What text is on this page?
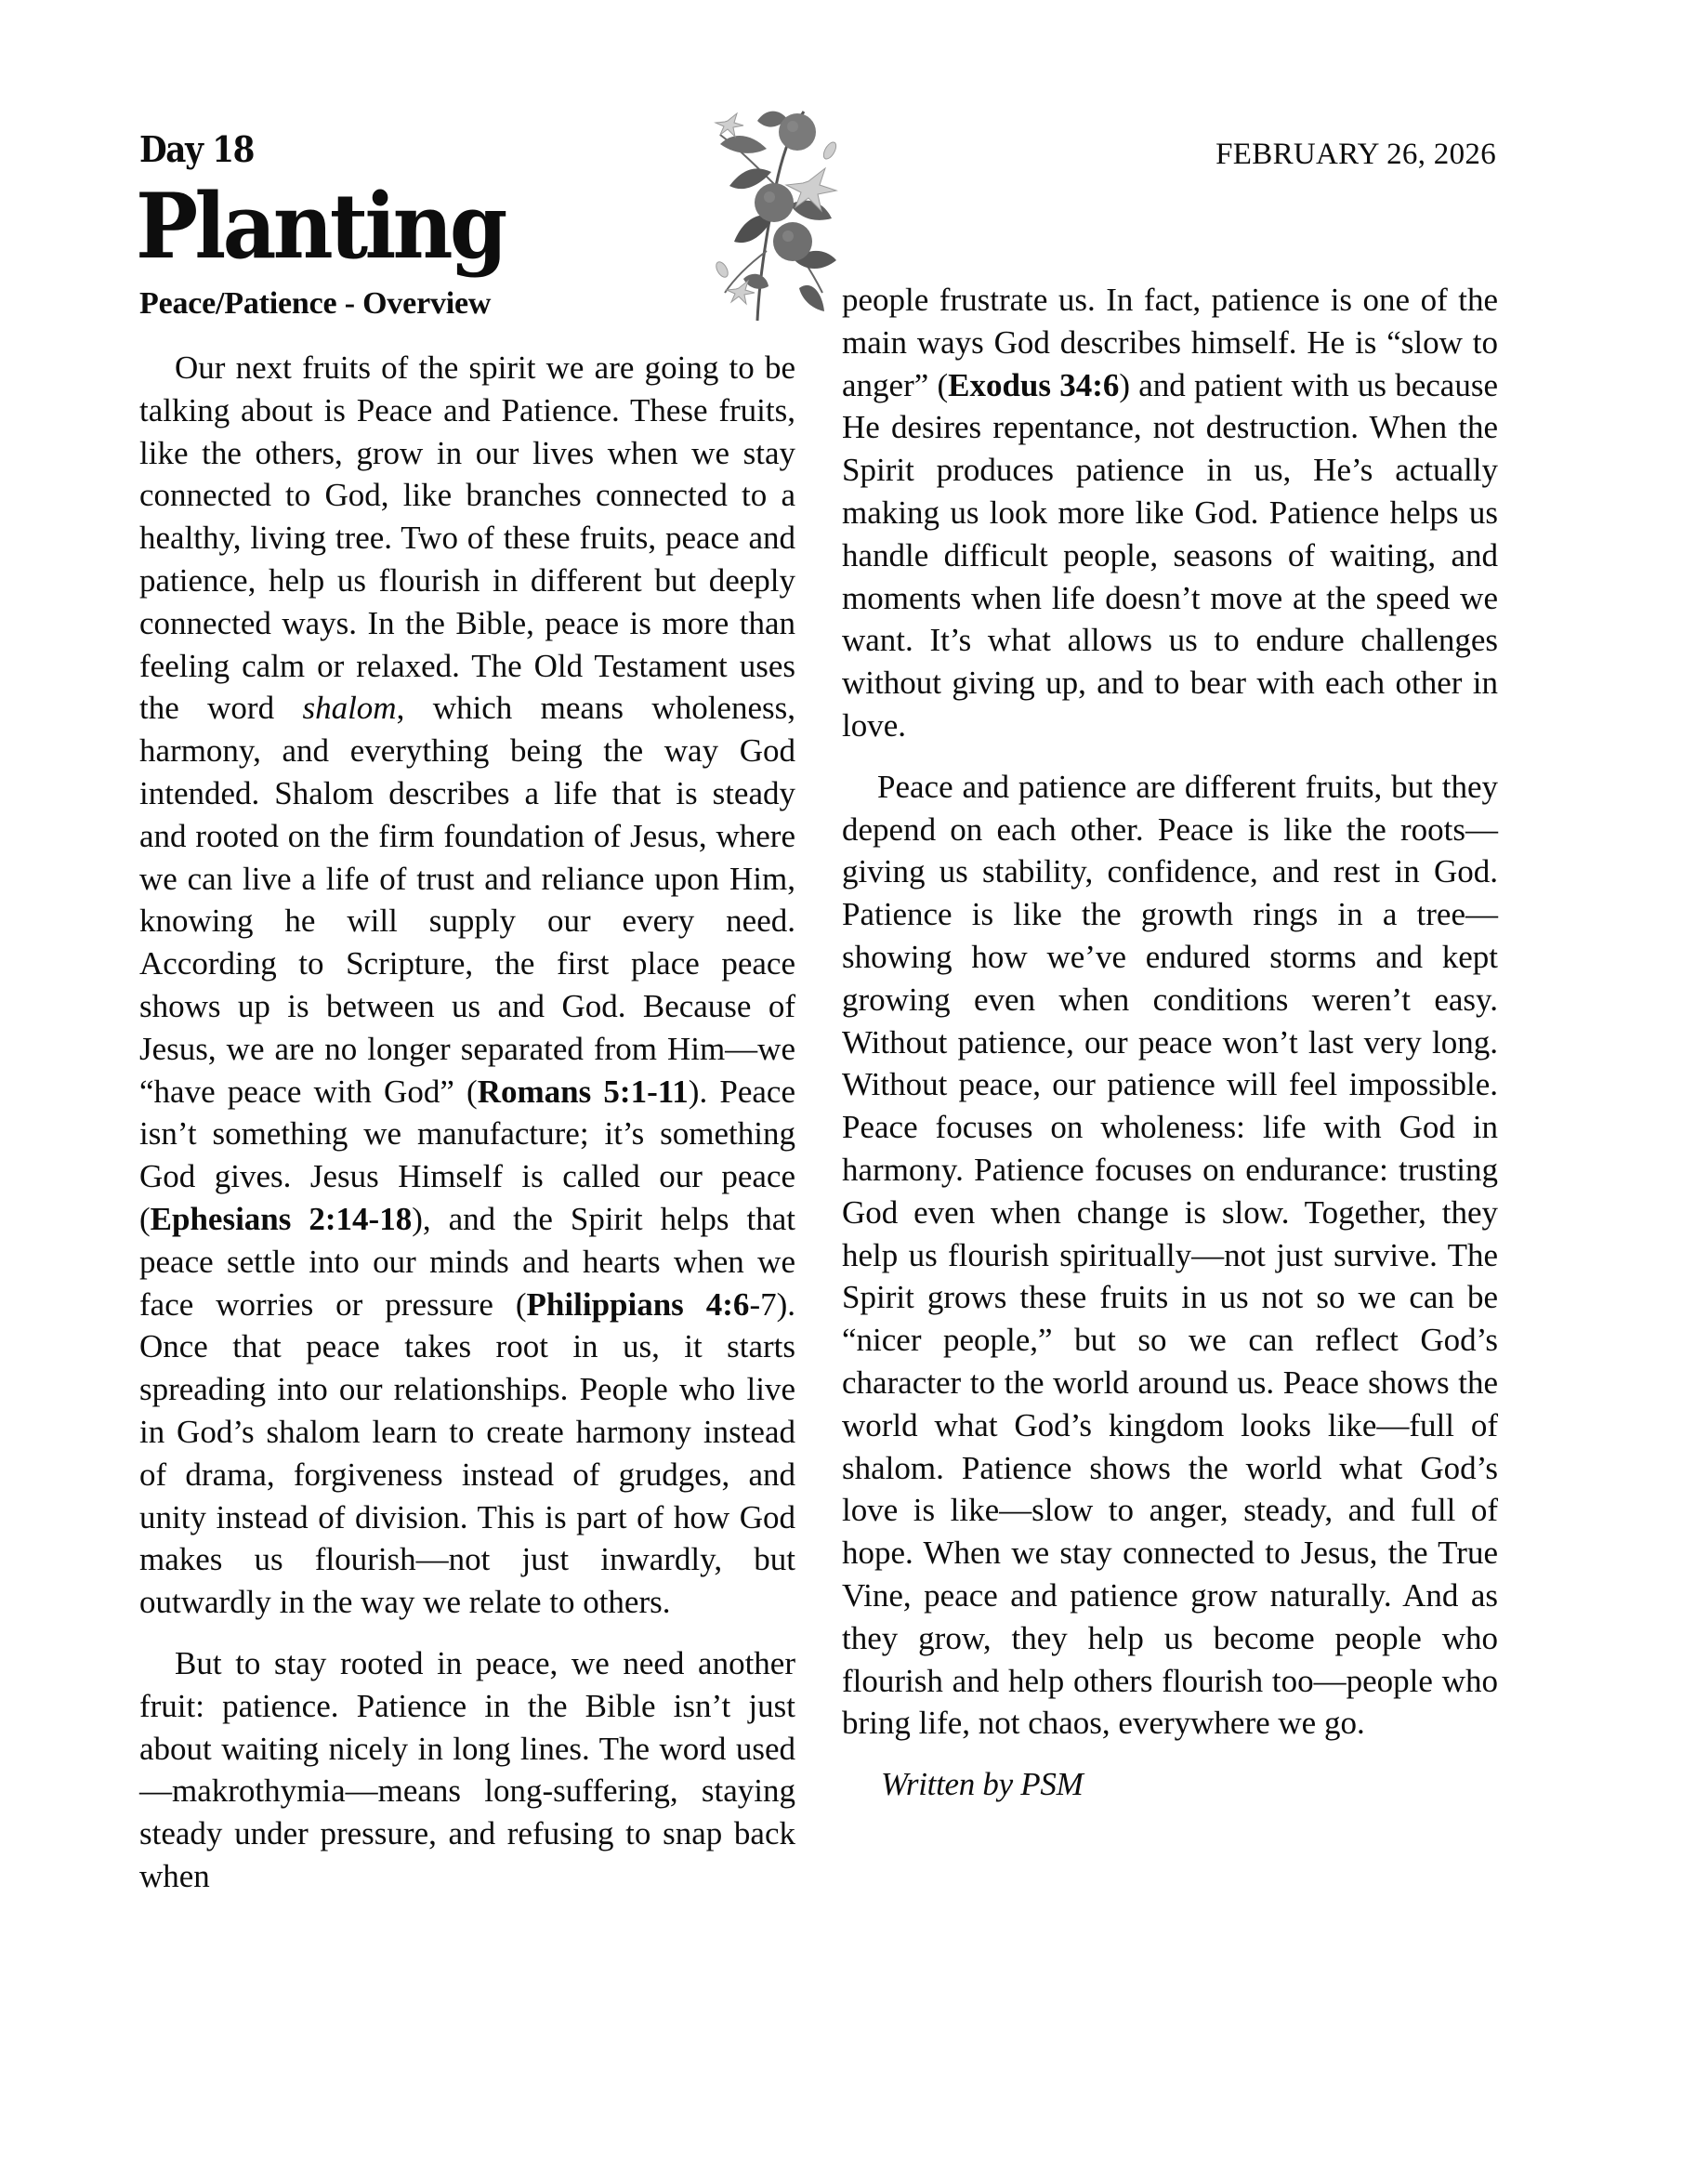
Day 18
Planting
Peace/Patience - Overview
FEBRUARY 26, 2026

Our next fruits of the spirit we are going to be talking about is Peace and Patience. These fruits, like the others, grow in our lives when we stay connected to God, like branches connected to a healthy, living tree. Two of these fruits, peace and patience, help us flourish in different but deeply connected ways. In the Bible, peace is more than feeling calm or relaxed. The Old Testament uses the word shalom, which means wholeness, harmony, and everything being the way God intended. Shalom describes a life that is steady and rooted on the firm foundation of Jesus, where we can live a life of trust and reliance upon Him, knowing he will supply our every need. According to Scripture, the first place peace shows up is between us and God. Because of Jesus, we are no longer separated from Him—we “have peace with God” (Romans 5:1-11). Peace isn’t something we manufacture; it’s something God gives. Jesus Himself is called our peace (Ephesians 2:14-18), and the Spirit helps that peace settle into our minds and hearts when we face worries or pressure (Philippians 4:6-7). Once that peace takes root in us, it starts spreading into our relationships. People who live in God’s shalom learn to create harmony instead of drama, forgiveness instead of grudges, and unity instead of division. This is part of how God makes us flourish—not just inwardly, but outwardly in the way we relate to others.

But to stay rooted in peace, we need another fruit: patience. Patience in the Bible isn’t just about waiting nicely in long lines. The word used—makrothymia—means long-suffering, staying steady under pressure, and refusing to snap back when

people frustrate us. In fact, patience is one of the main ways God describes himself. He is “slow to anger” (Exodus 34:6) and patient with us because He desires repentance, not destruction. When the Spirit produces patience in us, He’s actually making us look more like God. Patience helps us handle difficult people, seasons of waiting, and moments when life doesn’t move at the speed we want. It’s what allows us to endure challenges without giving up, and to bear with each other in love.

Peace and patience are different fruits, but they depend on each other. Peace is like the roots—giving us stability, confidence, and rest in God. Patience is like the growth rings in a tree—showing how we’ve endured storms and kept growing even when conditions weren’t easy. Without patience, our peace won’t last very long. Without peace, our patience will feel impossible. Peace focuses on wholeness: life with God in harmony. Patience focuses on endurance: trusting God even when change is slow. Together, they help us flourish spiritually—not just survive. The Spirit grows these fruits in us not so we can be “nicer people,” but so we can reflect God’s character to the world around us. Peace shows the world what God’s kingdom looks like—full of shalom. Patience shows the world what God’s love is like—slow to anger, steady, and full of hope. When we stay connected to Jesus, the True Vine, peace and patience grow naturally. And as they grow, they help us become people who flourish and help others flourish too—people who bring life, not chaos, everywhere we go.

Written by PSM
